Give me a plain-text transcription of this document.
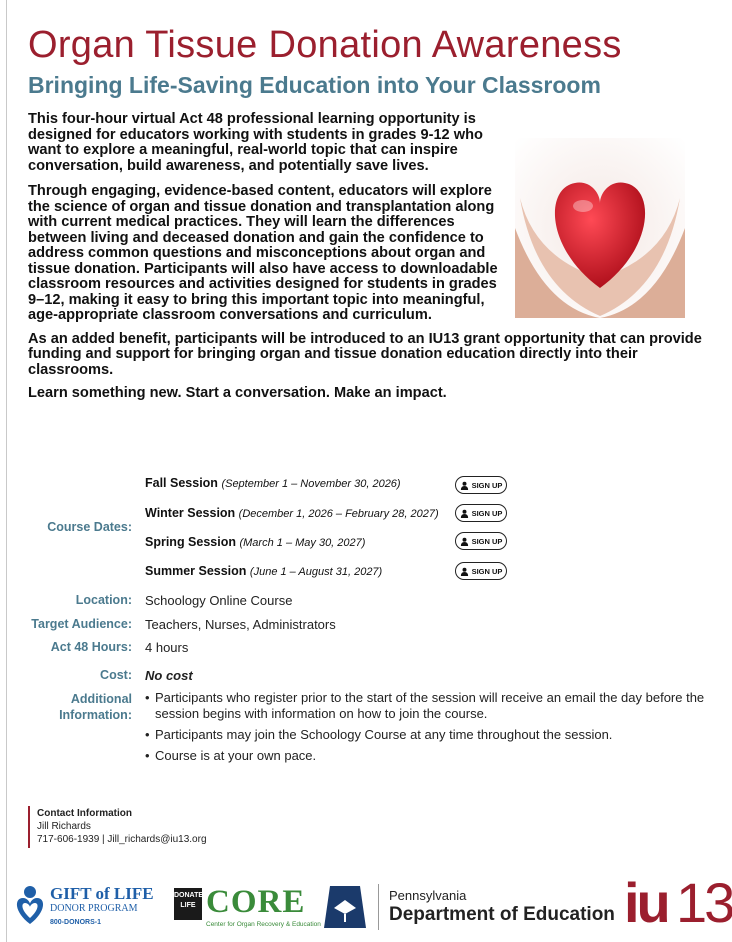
Organ Tissue Donation Awareness
Bringing Life-Saving Education into Your Classroom

This four-hour virtual Act 48 professional learning opportunity is designed for educators working with students in grades 9-12 who want to explore a meaningful, real-world topic that can inspire conversation, build awareness, and potentially save lives.

Through engaging, evidence-based content, educators will explore the science of organ and tissue donation and transplantation along with current medical practices. They will learn the differences between living and deceased donation and gain the confidence to address common questions and misconceptions about organ and tissue donation. Participants will also have access to downloadable classroom resources and activities designed for students in grades 9–12, making it easy to bring this important topic into meaningful, age-appropriate classroom conversations and curriculum.

As an added benefit, participants will be introduced to an IU13 grant opportunity that can provide funding and support for bringing organ and tissue donation education directly into their classrooms.

Learn something new. Start a conversation. Make an impact.

Course Dates:
Fall Session (September 1 – November 30, 2026)	SIGN UP
Winter Session (December 1, 2026 – February 28, 2027)	SIGN UP
Spring Session (March 1 – May 30, 2027)	SIGN UP
Summer Session (June 1 – August 31, 2027)	SIGN UP
Location: Schoology Online Course
Target Audience: Teachers, Nurses, Administrators
Act 48 Hours: 4 hours
Cost: No cost
Additional
Information:
• Participants who register prior to the start of the session will receive an email the day before the session begins with information on how to join the course.
• Participants may join the Schoology Course at any time throughout the session.
• Course is at your own pace.
Contact Information
Jill Richards
717-606-1939 | Jill_richards@iu13.org
GIFT of LIFE
DONOR PROGRAM
800-DONORS-1
DONATE LIFE CORE
Center for Organ Recovery & Education
Pennsylvania
Department of Education iu 13
